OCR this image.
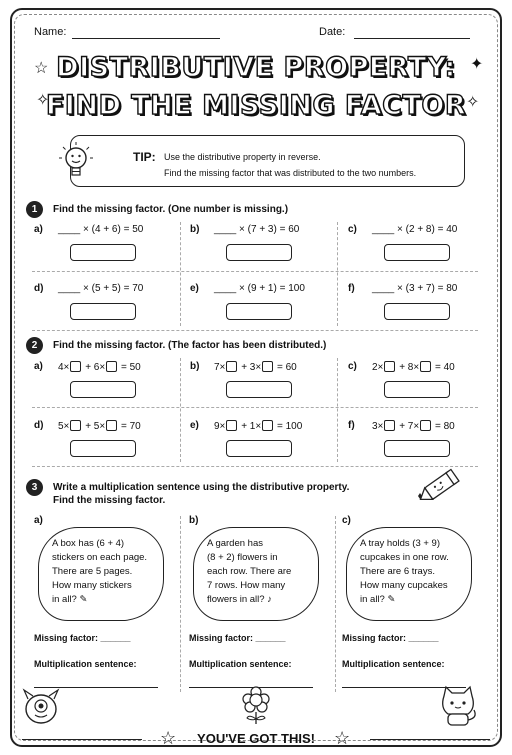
Name:	Date:
DISTRIBUTIVE PROPERTY:
FIND THE MISSING FACTOR
☆
✧
✦
✧
TIP: Use the distributive property in reverse.
Find the missing factor that was distributed to the two numbers.
1	Find the missing factor. (One number is missing.)
a) ____ × (4 + 6) = 50	b) ____ × (7 + 3) = 60	c) ____ × (2 + 8) = 40
d) ____ × (5 + 5) = 70	e) ____ × (9 + 1) = 100	f) ____ × (3 + 7) = 80
2	Find the missing factor. (The factor has been distributed.)
a) 4× + 6× = 50	b) 7× + 3× = 60	c) 2× + 8× = 40
d) 5× + 5× = 70	e) 9× + 1× = 100	f) 3× + 7× = 80
3	Write a multiplication sentence using the distributive property.
Find the missing factor.
a)
A box has (6 + 4)
stickers on each page.
There are 5 pages.
How many stickers
in all? ✎
Missing factor: ______
Multiplication sentence:
b)
A garden has
(8 + 2) flowers in
each row. There are
7 rows. How many
flowers in all? ♪
Missing factor: ______
Multiplication sentence:
c)
A tray holds (3 + 9)
cupcakes in one row.
There are 6 trays.
How many cupcakes
in all? ✎
Missing factor: ______
Multiplication sentence:
☆	☆
YOU'VE GOT THIS!
